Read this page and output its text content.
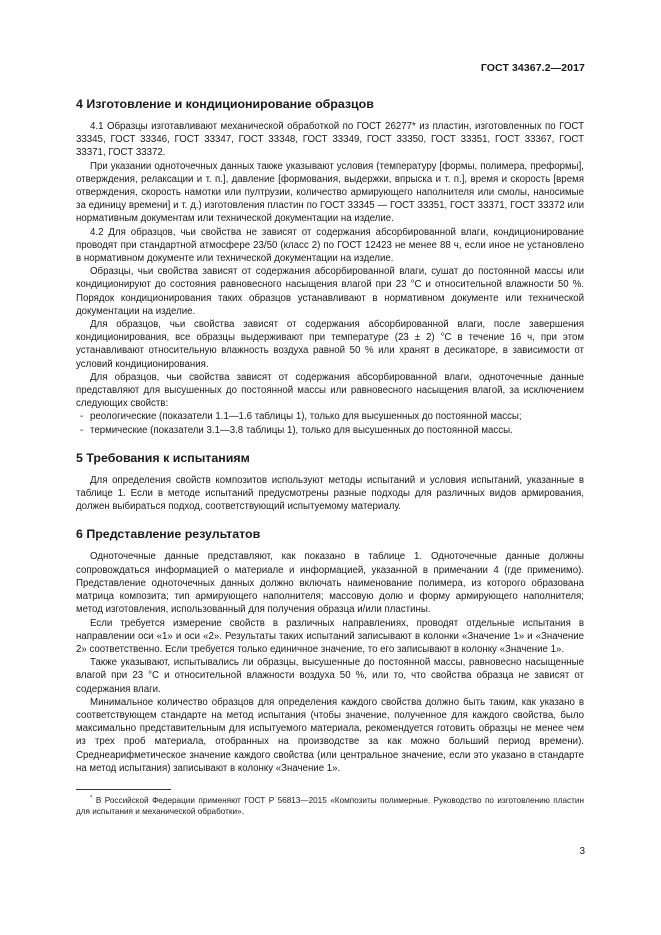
ГОСТ 34367.2—2017
4 Изготовление и кондиционирование образцов

4.1 Образцы изготавливают механической обработкой по ГОСТ 26277* из пластин, изготовленных по ГОСТ 33345, ГОСТ 33346, ГОСТ 33347, ГОСТ 33348, ГОСТ 33349, ГОСТ 33350, ГОСТ 33351, ГОСТ 33367, ГОСТ 33371, ГОСТ 33372.

При указании одноточечных данных также указывают условия (температуру [формы, полимера, преформы], отверждения, релаксации и т. п.], давление [формования, выдержки, впрыска и т. п.], время и скорость [время отверждения, скорость намотки или пултрузии, количество армирующего наполнителя или смолы, наносимые за единицу времени] и т. д.) изготовления пластин по ГОСТ 33345 — ГОСТ 33351, ГОСТ 33371, ГОСТ 33372 или нормативным документам или технической документации на изделие.

4.2 Для образцов, чьи свойства не зависят от содержания абсорбированной влаги, кондиционирование проводят при стандартной атмосфере 23/50 (класс 2) по ГОСТ 12423 не менее 88 ч, если иное не установлено в нормативном документе или технической документации на изделие.

Образцы, чьи свойства зависят от содержания абсорбированной влаги, сушат до постоянной массы или кондиционируют до состояния равновесного насыщения влагой при 23 °С и относительной влажности 50 %. Порядок кондиционирования таких образцов устанавливают в нормативном документе или технической документации на изделие.

Для образцов, чьи свойства зависят от содержания абсорбированной влаги, после завершения кондиционирования, все образцы выдерживают при температуре (23 ± 2) °С в течение 16 ч, при этом устанавливают относительную влажность воздуха равной 50 % или хранят в десикаторе, в зависимости от условий кондиционирования.

Для образцов, чьи свойства зависят от содержания абсорбированной влаги, одноточечные данные представляют для высушенных до постоянной массы или равновесного насыщения влагой, за исключением следующих свойств:

- реологические (показатели 1.1—1.6 таблицы 1), только для высушенных до постоянной массы;
- термические (показатели 3.1—3.8 таблицы 1), только для высушенных до постоянной массы.
5 Требования к испытаниям

Для определения свойств композитов используют методы испытаний и условия испытаний, указанные в таблице 1. Если в методе испытаний предусмотрены разные подходы для различных видов армирования, должен выбираться подход, соответствующий испытуемому материалу.

6 Представление результатов

Одноточечные данные представляют, как показано в таблице 1. Одноточечные данные должны сопровождаться информацией о материале и информацией, указанной в примечании 4 (где применимо). Представление одноточечных данных должно включать наименование полимера, из которого образована матрица композита; тип армирующего наполнителя; массовую долю и форму армирующего наполнителя; метод изготовления, использованный для получения образца и/или пластины.

Если требуется измерение свойств в различных направлениях, проводят отдельные испытания в направлении оси «1» и оси «2». Результаты таких испытаний записывают в колонки «Значение 1» и «Значение 2» соответственно. Если требуется только единичное значение, то его записывают в колонку «Значение 1».

Также указывают, испытывались ли образцы, высушенные до постоянной массы, равновесно насыщенные влагой при 23 °С и относительной влажности воздуха 50 %, или то, что свойства образца не зависят от содержания влаги.

Минимальное количество образцов для определения каждого свойства должно быть таким, как указано в соответствующем стандарте на метод испытания (чтобы значение, полученное для каждого свойства, было максимально представительным для испытуемого материала, рекомендуется готовить образцы не менее чем из трех проб материала, отобранных на производстве за как можно больший период времени). Среднеарифметическое значение каждого свойства (или центральное значение, если это указано в стандарте на метод испытания) записывают в колонку «Значение 1».

* В Российской Федерации применяют ГОСТ Р 56813—2015 «Композиты полимерные. Руководство по изготовлению пластин для испытания и механической обработки».
3
